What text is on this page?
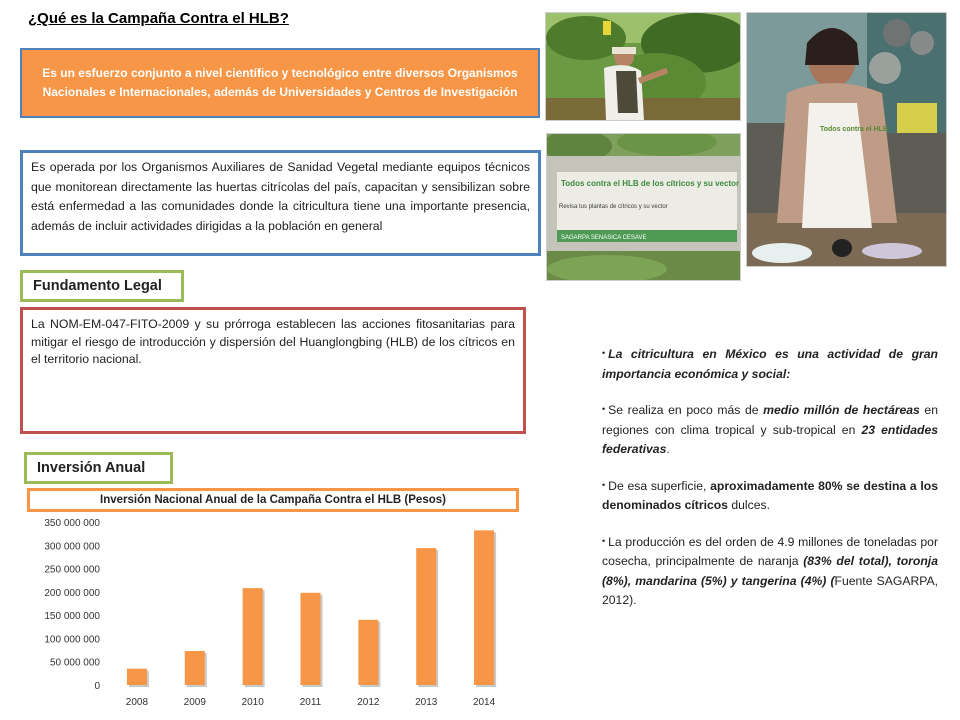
¿Qué es la Campaña Contra el HLB?
Es un esfuerzo conjunto a nivel científico y tecnológico entre diversos Organismos Nacionales e Internacionales, además de Universidades y Centros de Investigación
Es operada por los Organismos Auxiliares de Sanidad Vegetal mediante equipos técnicos que monitorean directamente las huertas citrícolas del país, capacitan y sensibilizan sobre está enfermedad a las comunidades donde la citricultura tiene una importante presencia, además de incluir actividades dirigidas a la población en general
Fundamento Legal
La NOM-EM-047-FITO-2009 y su prórroga establecen las acciones fitosanitarias para mitigar el riesgo de introducción y dispersión del Huanglongbing (HLB) de los cítricos en el territorio nacional.
Inversión Anual
Inversión Nacional Anual de la Campaña Contra el HLB (Pesos)
0
50 000 000
100 000 000
150 000 000
200 000 000
250 000 000
300 000 000
350 000 000
2008	2009	2010	2011	2012	2013	2014
Todos contra el HLB
Todos contra el HLB de los cítricos y su vector
Revisa tus plantas de cítricos y su vector
SAGARPA SENASICA CESAVE

• La citricultura en México es una actividad de gran importancia económica y social:

• Se realiza en poco más de medio millón de hectáreas en regiones con clima tropical y sub-tropical en 23 entidades federativas.

• De esa superficie, aproximadamente 80% se destina a los denominados cítricos dulces.

• La producción es del orden de 4.9 millones de toneladas por cosecha, principalmente de naranja (83% del total), toronja (8%), mandarina (5%) y tangerina (4%) (Fuente SAGARPA, 2012).
